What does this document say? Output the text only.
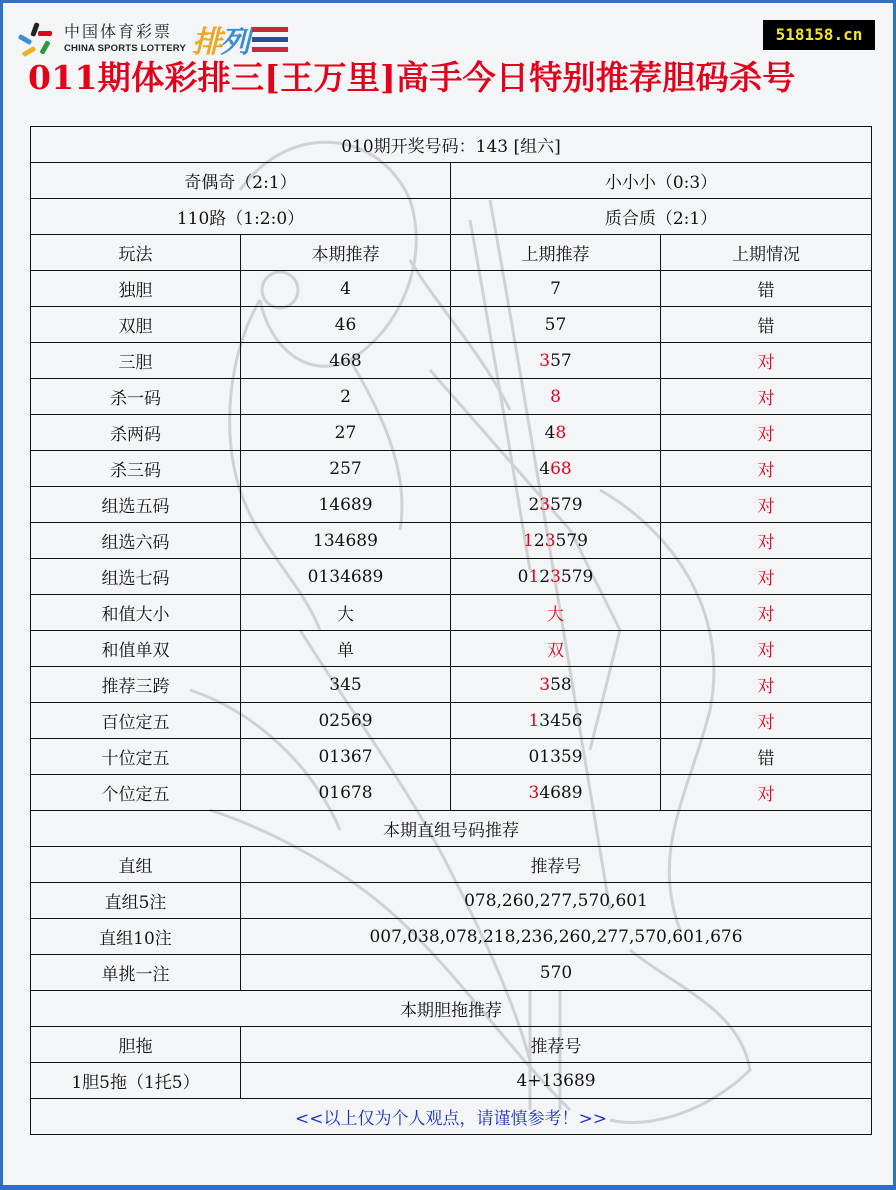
中国体育彩票
CHINA SPORTS LOTTERY 排 列	518158.cn
011期体彩排三[王万里]高手今日特别推荐胆码杀号
010期开奖号码：143 [组六]			
奇偶奇（2:1）		小小小（0:3）	
110路（1:2:0）		质合质（2:1）	
玩法	本期推荐	上期推荐	上期情况
独胆	4	7	错
双胆	46	57	错
三胆	468	357	对
杀一码	2	8	对
杀两码	27	48	对
杀三码	257	468	对
组选五码	14689	23579	对
组选六码	134689	123579	对
组选七码	0134689	0123579	对
和值大小	大	大	对
和值单双	单	双	对
推荐三跨	345	358	对
百位定五	02569	13456	对
十位定五	01367	01359	错
个位定五	01678	34689	对
本期直组号码推荐			
直组	推荐号		
直组5注	078,260,277,570,601		
直组10注	007,038,078,218,236,260,277,570,601,676		
单挑一注	570		
本期胆拖推荐			
胆拖	推荐号		
1胆5拖（1托5）	4+13689		
<<以上仅为个人观点，请谨慎参考！>>			
